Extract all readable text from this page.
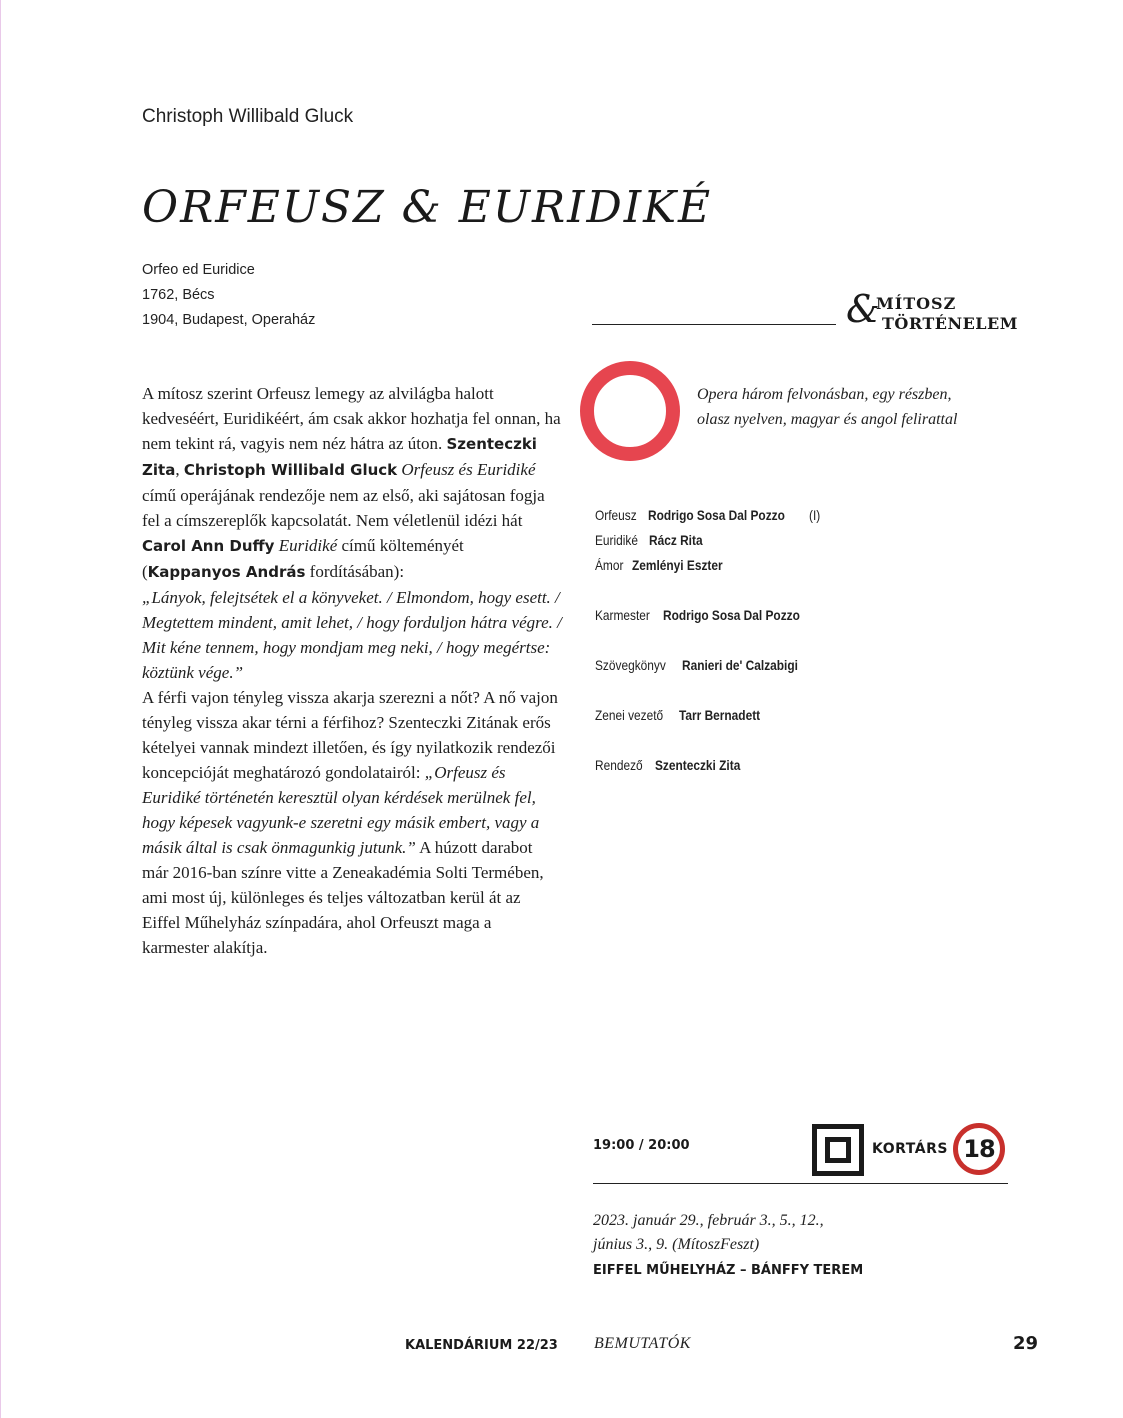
Christoph Willibald Gluck
ORFEUSZ & EURIDIKÉ
Orfeo ed Euridice
1762, Bécs
1904, Budapest, Operaház	&
MÍTOSZ
TÖRTÉNELEM

A mítosz szerint Orfeusz lemegy az alvilágba halott kedveséért, Euridikéért, ám csak akkor hozhatja fel onnan, ha nem tekint rá, vagyis nem néz hátra az úton. Szenteczki Zita, Christoph Willibald Gluck Orfeusz és Euridiké című operájának rendezője nem az első, aki sajátosan fogja fel a címszereplők kapcsolatát. Nem véletlenül idézi hát Carol Ann Duffy Euridiké című költeményét (Kappanyos András fordításában):

„Lányok, felejtsétek el a könyveket. / Elmondom, hogy esett. / Megtettem mindent, amit lehet, / hogy forduljon hátra végre. / Mit kéne tennem, hogy mondjam meg neki, / hogy megértse: köztünk vége.”

A férfi vajon tényleg vissza akarja szerezni a nőt? A nő vajon tényleg vissza akar térni a férfihoz? Szenteczki Zitának erős kételyei vannak mindezt illetően, és így nyilatkozik rendezői koncepcióját meghatározó gondolatairól: „Orfeusz és Euridiké történetén keresztül olyan kérdések merülnek fel, hogy képesek vagyunk-e szeretni egy másik embert, vagy a másik által is csak önmagunkig jutunk.” A húzott darabot már 2016-ban színre vitte a Zeneakadémia Solti Termében, ami most új, különleges és teljes változatban kerül át az Eiffel Műhelyház színpadára, ahol Orfeuszt maga a karmester alakítja.

Opera három felvonásban, egy részben,
olasz nyelven, magyar és angol felirattal
Orfeusz Rodrigo Sosa Dal Pozzo(I)
Euridiké Rácz Rita
Ámor Zemlényi Eszter
Karmester Rodrigo Sosa Dal Pozzo
Szövegkönyv Ranieri de' Calzabigi
Zenei vezető Tarr Bernadett
Rendező Szenteczki Zita
19:00 / 20:00	KORTÁRS 18
2023. január 29., február 3., 5., 12.,
június 3., 9. (MítoszFeszt)
EIFFEL MŰHELYHÁZ – BÁNFFY TEREM
KALENDÁRIUM 22/23 BEMUTATÓK	29
